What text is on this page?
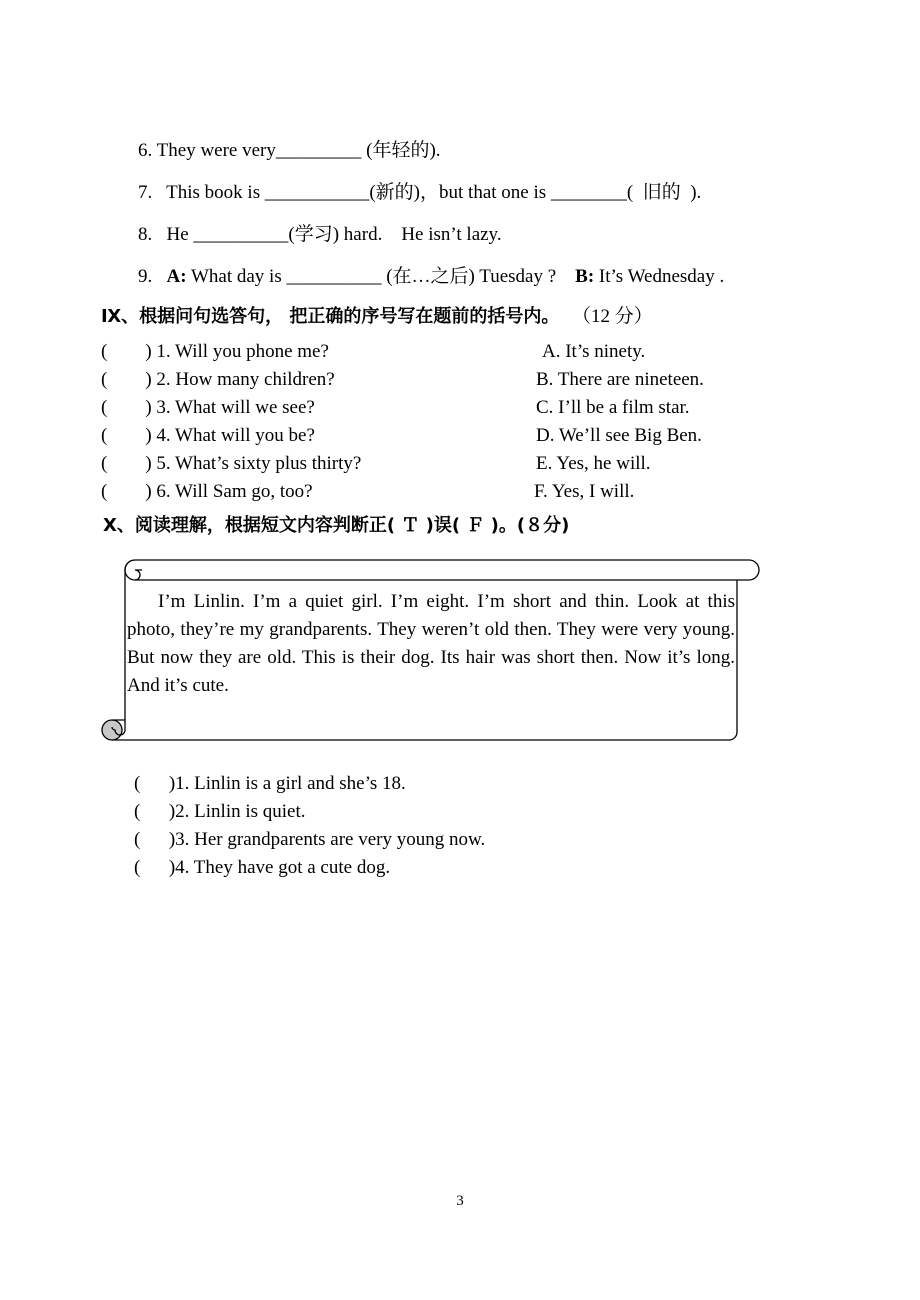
6. They were very_________ (年轻的).
7.   This book is ___________(新的)，but that one is ________(  旧的  ).
8.   He __________(学习) hard.    He isn’t lazy.
9. A: What day is __________ (在…之后) Tuesday ? B: It’s Wednesday .
Ⅸ、根据问句选答句， 把正确的序号写在题前的括号内。 （12 分）
(        ) 1. Will you phone me?
(        ) 2. How many children?
(        ) 3. What will we see?
(        ) 4. What will you be?
(        ) 5. What’s sixty plus thirty?
(        ) 6. Will Sam go, too?
A. It’s ninety.
B. There are nineteen.
C. I’ll be a film star.
D. We’ll see Big Ben.
E. Yes, he will.
F. Yes, I will.
Ⅹ、阅读理解，根据短文内容判断正( Ｔ )误( Ｆ )。(８分)
I’m Linlin. I’m a quiet girl. I’m eight. I’m short and thin. Look at this photo, they’re my grandparents. They weren’t old then. They were very young. But now they are old. This is their dog. Its hair was short then. Now it’s long. And it’s cute.
(      )1. Linlin is a girl and she’s 18.
(      )2. Linlin is quiet.
(      )3. Her grandparents are very young now.
(      )4. They have got a cute dog.
3
